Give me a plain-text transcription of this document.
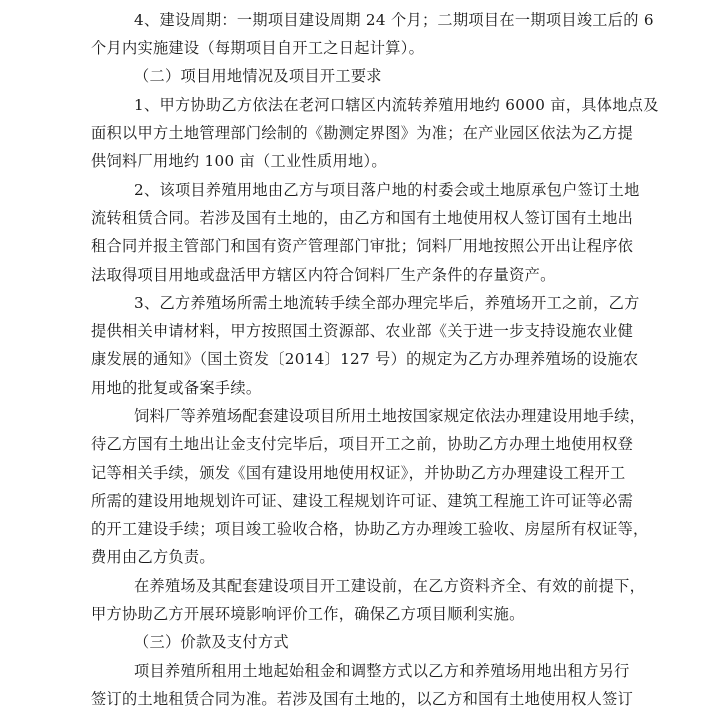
4、建设周期：一期项目建设周期 24 个月；二期项目在一期项目竣工后的 6
个月内实施建设（每期项目自开工之日起计算）。
（二）项目用地情况及项目开工要求
1、甲方协助乙方依法在老河口辖区内流转养殖用地约 6000 亩，具体地点及
面积以甲方土地管理部门绘制的《勘测定界图》为准；在产业园区依法为乙方提
供饲料厂用地约 100 亩（工业性质用地）。
2、该项目养殖用地由乙方与项目落户地的村委会或土地原承包户签订土地
流转租赁合同。若涉及国有土地的，由乙方和国有土地使用权人签订国有土地出
租合同并报主管部门和国有资产管理部门审批；饲料厂用地按照公开出让程序依
法取得项目用地或盘活甲方辖区内符合饲料厂生产条件的存量资产。
3、乙方养殖场所需土地流转手续全部办理完毕后，养殖场开工之前，乙方
提供相关申请材料，甲方按照国土资源部、农业部《关于进一步支持设施农业健
康发展的通知》（国土资发〔2014〕127 号）的规定为乙方办理养殖场的设施农
用地的批复或备案手续。
饲料厂等养殖场配套建设项目所用土地按国家规定依法办理建设用地手续，
待乙方国有土地出让金支付完毕后，项目开工之前，协助乙方办理土地使用权登
记等相关手续，颁发《国有建设用地使用权证》，并协助乙方办理建设工程开工
所需的建设用地规划许可证、建设工程规划许可证、建筑工程施工许可证等必需
的开工建设手续；项目竣工验收合格，协助乙方办理竣工验收、房屋所有权证等，
费用由乙方负责。
在养殖场及其配套建设项目开工建设前，在乙方资料齐全、有效的前提下，
甲方协助乙方开展环境影响评价工作，确保乙方项目顺利实施。
（三）价款及支付方式
项目养殖所租用土地起始租金和调整方式以乙方和养殖场用地出租方另行
签订的土地租赁合同为准。若涉及国有土地的，以乙方和国有土地使用权人签订
